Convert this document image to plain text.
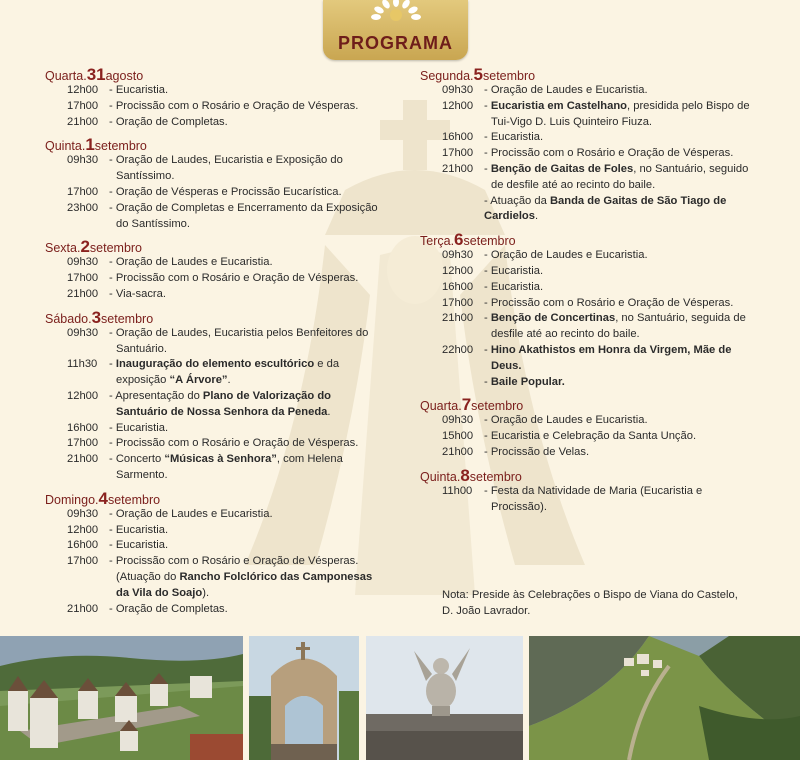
PROGRAMA
Quarta.31agosto
12h00 - Eucaristia.
17h00 - Procissão com o Rosário e Oração de Vésperas.
21h00 - Oração de Completas.
Quinta.1setembro
09h30 - Oração de Laudes, Eucaristia e Exposição do Santíssimo.
17h00 - Oração de Vésperas e Procissão Eucarística.
23h00 - Oração de Completas e Encerramento da Exposição do Santíssimo.
Sexta.2setembro
09h30 - Oração de Laudes e Eucaristia.
17h00 - Procissão com o Rosário e Oração de Vésperas.
21h00 - Via-sacra.
Sábado.3setembro
09h30 - Oração de Laudes, Eucaristia pelos Benfeitores do Santuário.
11h30	- Inauguração do elemento escultórico e da exposição “A Árvore”.
12h00 - Apresentação do Plano de Valorização do Santuário de Nossa Senhora da Peneda.
16h00 - Eucaristia.
17h00 - Procissão com o Rosário e Oração de Vésperas.
21h00 - Concerto “Músicas à Senhora”, com Helena Sarmento.
Domingo.4setembro
09h30 - Oração de Laudes e Eucaristia.
12h00 - Eucaristia.
16h00 - Eucaristia.
17h00 - Procissão com o Rosário e Oração de Vésperas. (Atuação do Rancho Folclórico das Camponesas da Vila do Soajo).
21h00 - Oração de Completas.
Segunda.5setembro
09h30 - Oração de Laudes e Eucaristia.
12h00 - Eucaristia em Castelhano, presidida pelo Bispo de Tui-Vigo D. Luis Quinteiro Fiuza.
16h00 - Eucaristia.
17h00 - Procissão com o Rosário e Oração de Vésperas.
21h00 - Benção de Gaitas de Foles, no Santuário, seguido de desfile até ao recinto do baile.
- Atuação da Banda de Gaitas de São Tiago de Cardielos.
Terça.6setembro
09h30 - Oração de Laudes e Eucaristia.
12h00 - Eucaristia.
16h00 - Eucaristia.
17h00 - Procissão com o Rosário e Oração de Vésperas.
21h00 - Benção de Concertinas, no Santuário, seguida de desfile até ao recinto do baile.
22h00 - Hino Akathistos em Honra da Virgem, Mãe de Deus.
- Baile Popular.
Quarta.7setembro
09h30 - Oração de Laudes e Eucaristia.
15h00 - Eucaristia e Celebração da Santa Unção.
21h00 - Procissão de Velas.
Quinta.8setembro
11h00	- Festa da Natividade de Maria (Eucaristia e Procissão).
Nota: Preside às Celebrações o Bispo de Viana do Castelo, D. João Lavrador.
